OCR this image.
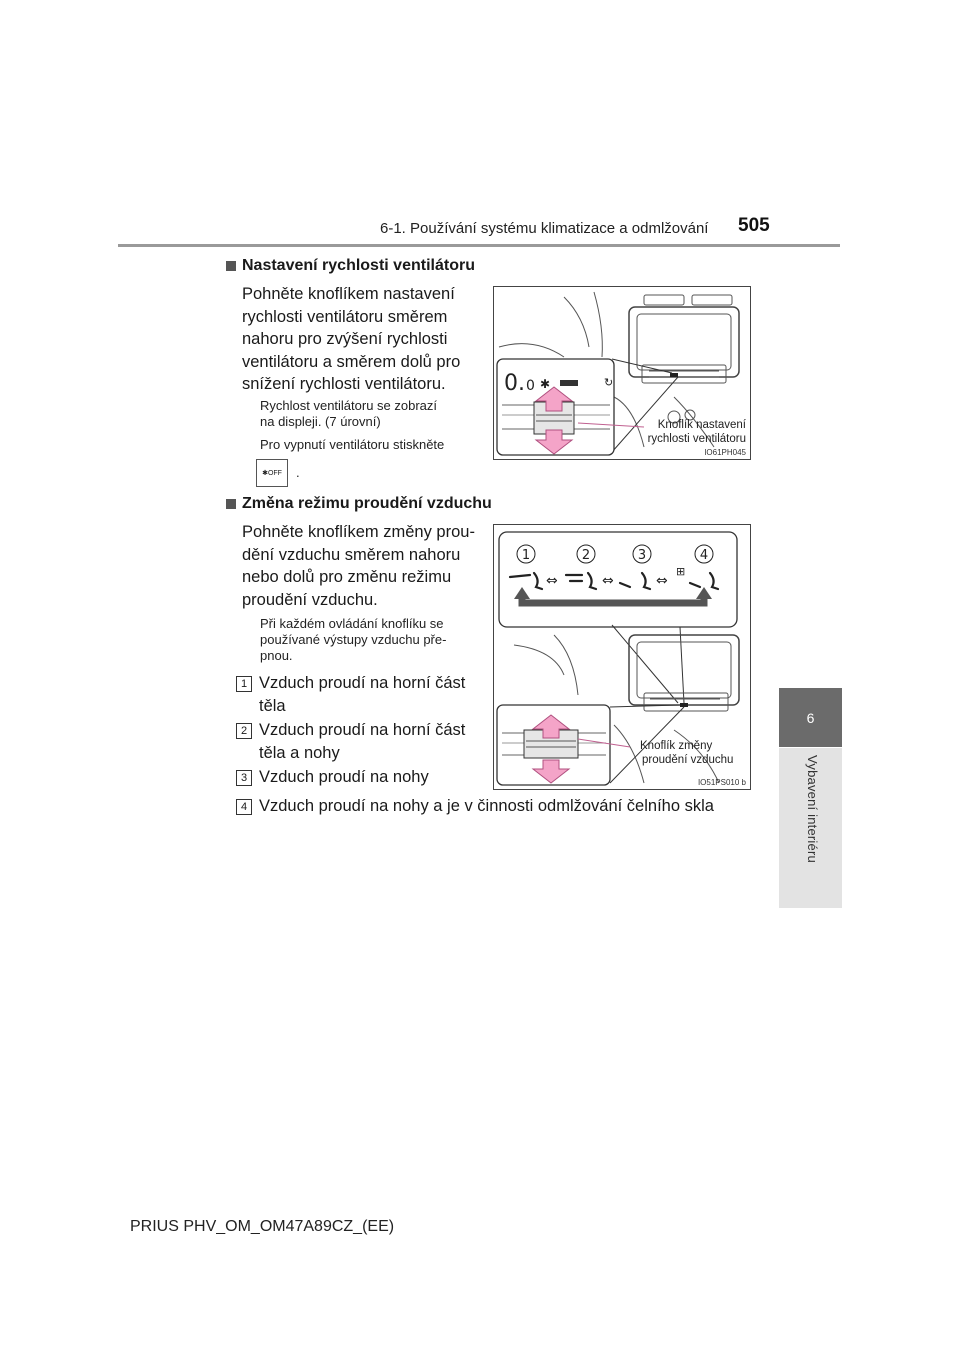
6-1. Používání systému klimatizace a odmlžování 505
6
Vybavení interiéru
Nastavení rychlosti ventilátoru
Pohněte knoflíkem nastavení
rychlosti ventilátoru směrem
nahoru pro zvýšení rychlosti
ventilátoru a směrem dolů pro
snížení rychlosti ventilátoru.
Rychlost ventilátoru se zobrazí
na displeji. (7 úrovní)
Pro vypnutí ventilátoru stiskněte
✱ OFF .
0. 0 ✱	↻
Knoflík nastavení
rychlosti ventilátoru
IO61PH045
Změna režimu proudění vzduchu
Pohněte knoflíkem změny prou-
dění vzduchu směrem nahoru
nebo dolů pro změnu režimu
proudění vzduchu.
Při každém ovládání knoflíku se
používané výstupy vzduchu pře-
pnou.
1 Vzduch proudí na horní část
těla
2 Vzduch proudí na horní část
těla a nohy
3 Vzduch proudí na nohy
4 Vzduch proudí na nohy a je v činnosti odmlžování čelního skla
1	2	3	4
⇔	⇔	⇔
⊞
Knoflík změny
proudění vzduchu
IO51PS010 b
PRIUS PHV_OM_OM47A89CZ_(EE)
